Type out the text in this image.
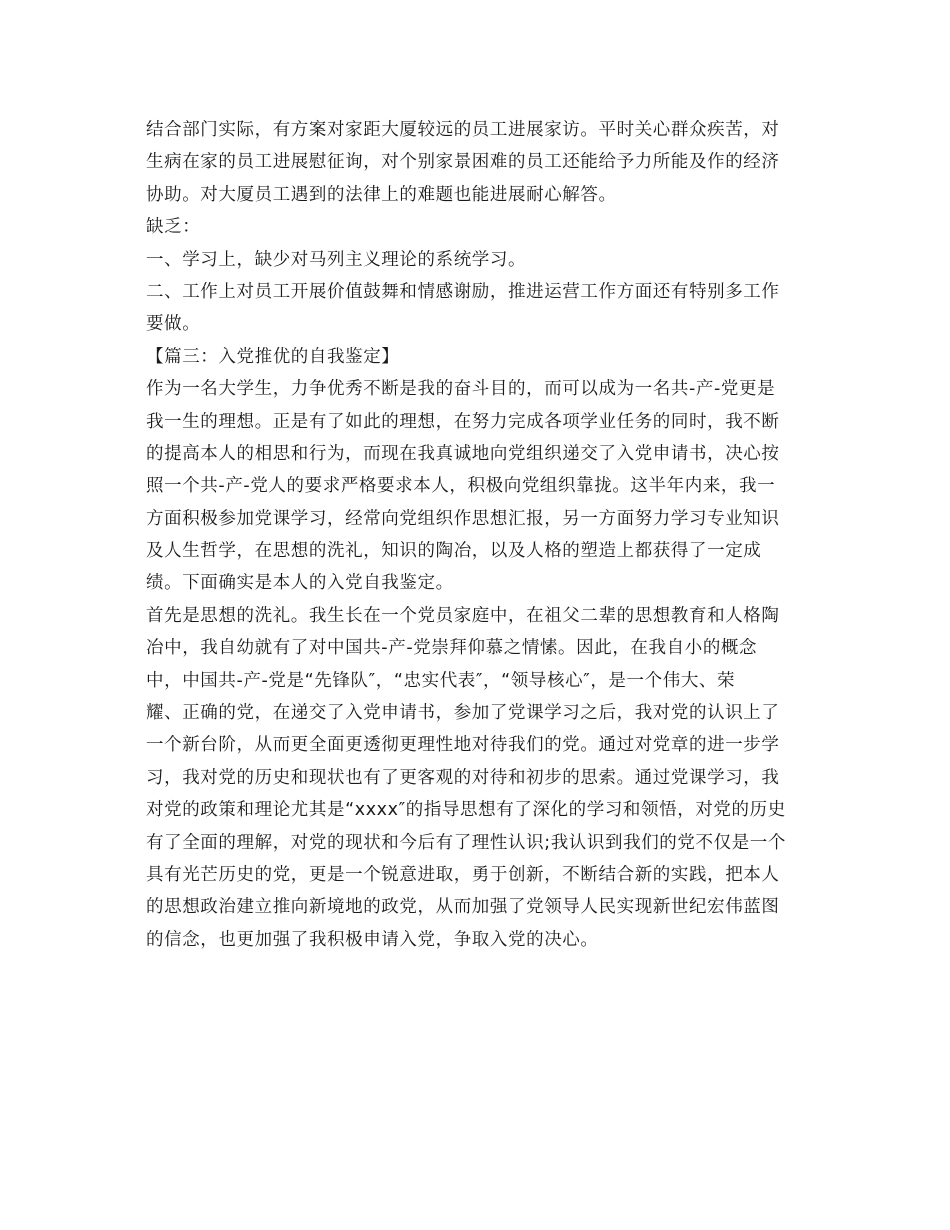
结合部门实际，有方案对家距大厦较远的员工进展家访。平时关心群众疾苦，对
生病在家的员工进展慰征询，对个别家景困难的员工还能给予力所能及作的经济
协助。对大厦员工遇到的法律上的难题也能进展耐心解答。
缺乏：
一、学习上，缺少对马列主义理论的系统学习。
二、工作上对员工开展价值鼓舞和情感谢励，推进运营工作方面还有特别多工作
要做。
【篇三：入党推优的自我鉴定】
作为一名大学生，力争优秀不断是我的奋斗目的，而可以成为一名共-产-党更是
我一生的理想。正是有了如此的理想，在努力完成各项学业任务的同时，我不断
的提高本人的相思和行为，而现在我真诚地向党组织递交了入党申请书，决心按
照一个共-产-党人的要求严格要求本人，积极向党组织靠拢。这半年内来，我一
方面积极参加党课学习，经常向党组织作思想汇报，另一方面努力学习专业知识
及人生哲学，在思想的洗礼，知识的陶冶，以及人格的塑造上都获得了一定成
绩。下面确实是本人的入党自我鉴定。
首先是思想的洗礼。我生长在一个党员家庭中，在祖父二辈的思想教育和人格陶
冶中，我自幼就有了对中国共-产-党崇拜仰慕之情愫。因此，在我自小的概念
中，中国共-产-党是“先锋队″，“忠实代表″，“领导核心″，是一个伟大、荣
耀、正确的党，在递交了入党申请书，参加了党课学习之后，我对党的认识上了
一个新台阶，从而更全面更透彻更理性地对待我们的党。通过对党章的进一步学
习，我对党的历史和现状也有了更客观的对待和初步的思索。通过党课学习，我
对党的政策和理论尤其是“xxxx″的指导思想有了深化的学习和领悟，对党的历史
有了全面的理解，对党的现状和今后有了理性认识;我认识到我们的党不仅是一个
具有光芒历史的党，更是一个锐意进取，勇于创新，不断结合新的实践，把本人
的思想政治建立推向新境地的政党，从而加强了党领导人民实现新世纪宏伟蓝图
的信念，也更加强了我积极申请入党，争取入党的决心。
